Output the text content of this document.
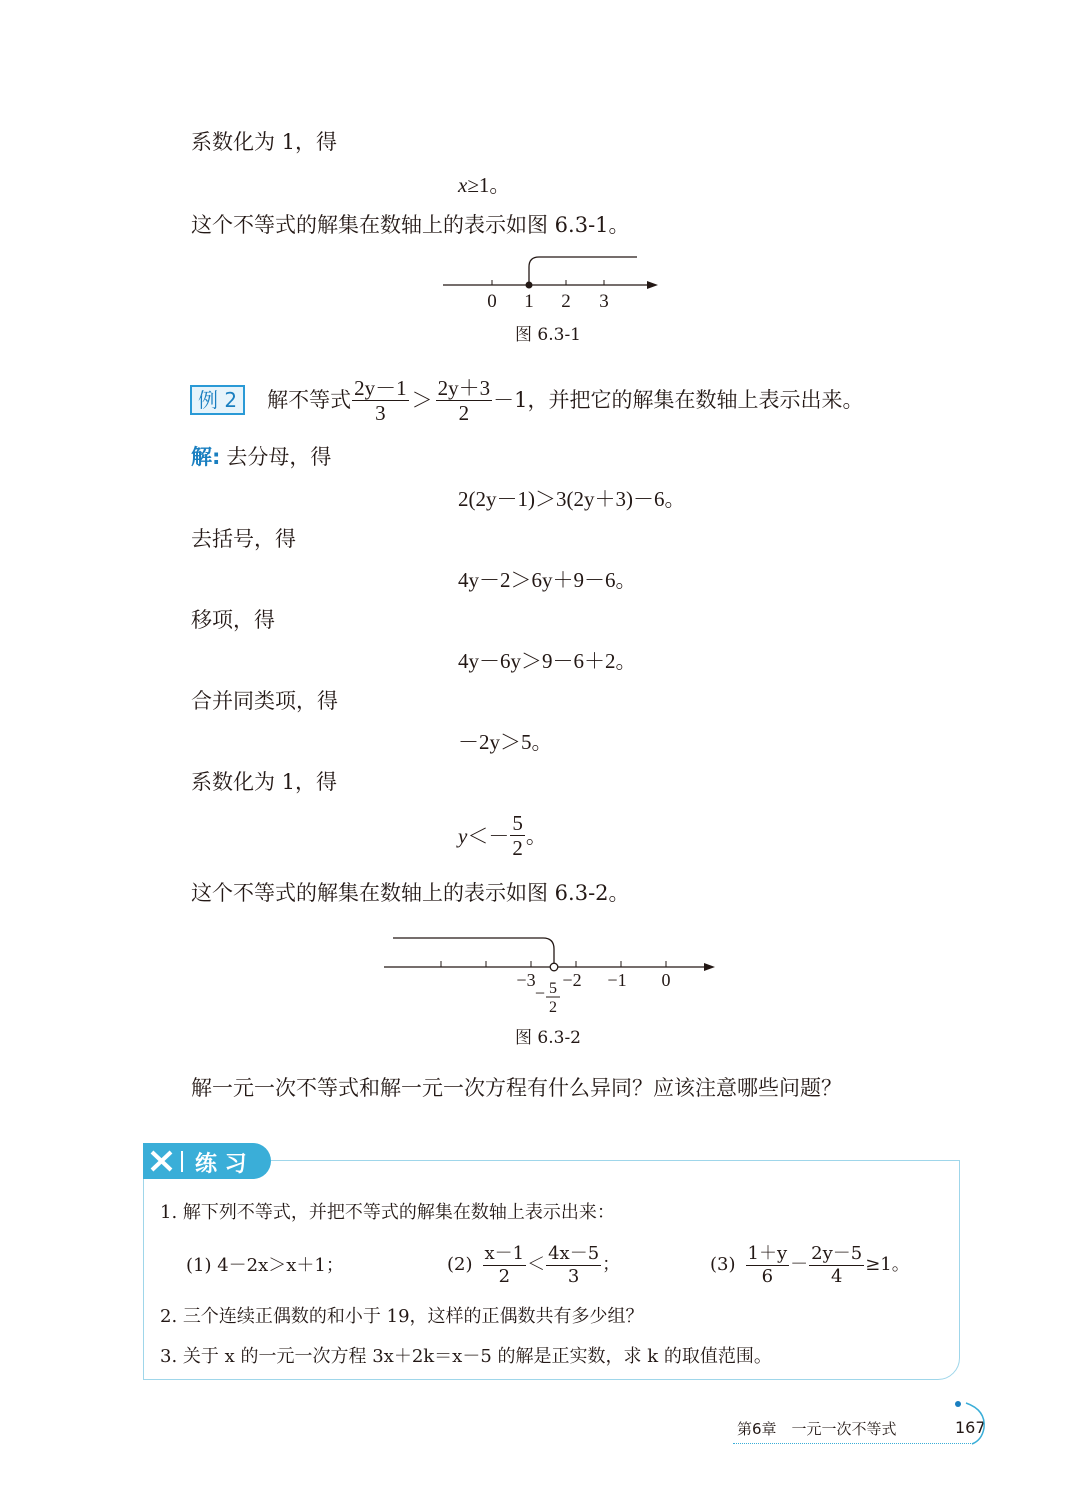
系数化为 1，得
x≥1。
这个不等式的解集在数轴上的表示如图 6.3-1。
0 1 2 3
图 6.3-1
例 2	解不等式 $\frac{2y-1}{3} > \frac{2y+3}{2} -1$，并把它的解集在数轴上表示出来。
解: 去分母，得
2(2y－1)＞3(2y＋3)－6。
去括号，得
4y－2＞6y＋9－6。
移项，得
4y－6y＞9－6＋2。
合并同类项，得
－2y＞5。
系数化为 1，得
$y <- \frac{5}{2}$ 。
这个不等式的解集在数轴上的表示如图 6.3-2。
−3 −2 −1 0
− 5
2
图 6.3-2
解一元一次不等式和解一元一次方程有什么异同？应该注意哪些问题？
练 习
1. 解下列不等式，并把不等式的解集在数轴上表示出来：
(1) 4－2x＞x＋1；	$(2) \frac{x-1}{2} < \frac{4x-5}{3}$ ；	$(3) \frac{1+y}{6} - \frac{2y-5}{4} \ge 1$。
2. 三个连续正偶数的和小于 19，这样的正偶数共有多少组？
3. 关于 x 的一元一次方程 3x＋2k＝x－5 的解是正实数，求 k 的取值范围。
第6章　一元一次不等式	167
